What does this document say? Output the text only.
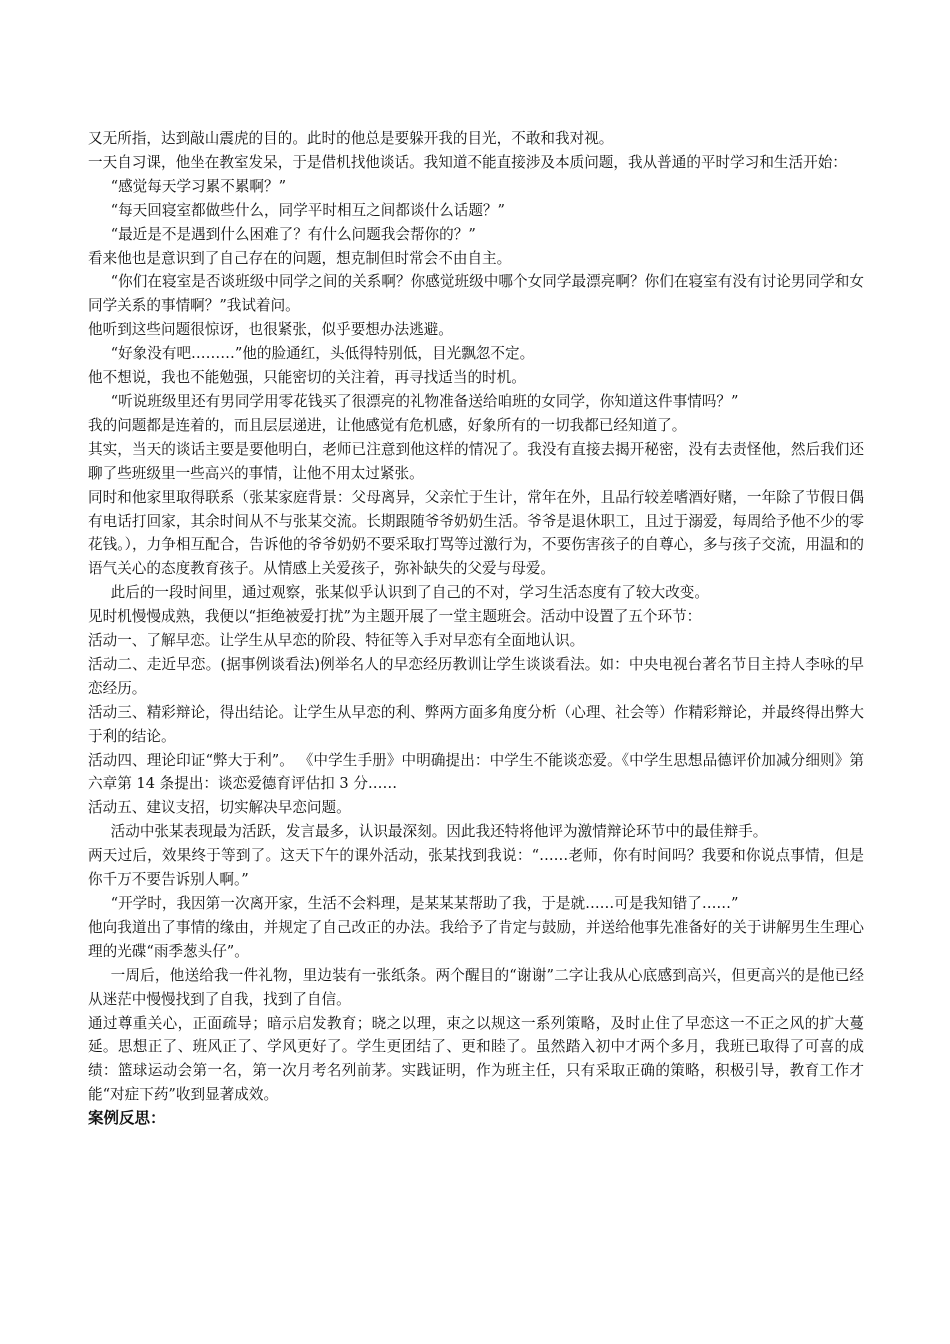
又无所指，达到敲山震虎的目的。此时的他总是要躲开我的目光，不敢和我对视。

一天自习课，他坐在教室发呆，于是借机找他谈话。我知道不能直接涉及本质问题，我从普通的平时学习和生活开始：

“感觉每天学习累不累啊？”

“每天回寝室都做些什么，同学平时相互之间都谈什么话题？”

“最近是不是遇到什么困难了？有什么问题我会帮你的？”

看来他也是意识到了自己存在的问题，想克制但时常会不由自主。

“你们在寝室是否谈班级中同学之间的关系啊？你感觉班级中哪个女同学最漂亮啊？你们在寝室有没有讨论男同学和女同学关系的事情啊？”我试着问。

他听到这些问题很惊讶，也很紧张，似乎要想办法逃避。

“好象没有吧………”他的脸通红，头低得特别低，目光飘忽不定。

他不想说，我也不能勉强，只能密切的关注着，再寻找适当的时机。

“听说班级里还有男同学用零花钱买了很漂亮的礼物准备送给咱班的女同学，你知道这件事情吗？”

我的问题都是连着的，而且层层递进，让他感觉有危机感，好象所有的一切我都已经知道了。

其实，当天的谈话主要是要他明白，老师已注意到他这样的情况了。我没有直接去揭开秘密，没有去责怪他，然后我们还聊了些班级里一些高兴的事情，让他不用太过紧张。

同时和他家里取得联系（张某家庭背景：父母离异，父亲忙于生计，常年在外，且品行较差嗜酒好赌，一年除了节假日偶有电话打回家，其余时间从不与张某交流。长期跟随爷爷奶奶生活。爷爷是退休职工，且过于溺爱，每周给予他不少的零花钱。），力争相互配合，告诉他的爷爷奶奶不要采取打骂等过激行为，不要伤害孩子的自尊心，多与孩子交流，用温和的语气关心的态度教育孩子。从情感上关爱孩子，弥补缺失的父爱与母爱。

此后的一段时间里，通过观察，张某似乎认识到了自己的不对，学习生活态度有了较大改变。

见时机慢慢成熟，我便以“拒绝被爱打扰”为主题开展了一堂主题班会。活动中设置了五个环节：

活动一、了解早恋。让学生从早恋的阶段、特征等入手对早恋有全面地认识。

活动二、走近早恋。(据事例谈看法)例举名人的早恋经历教训让学生谈谈看法。如：中央电视台著名节目主持人李咏的早恋经历。

活动三、精彩辩论，得出结论。让学生从早恋的利、弊两方面多角度分析（心理、社会等）作精彩辩论，并最终得出弊大于利的结论。

活动四、理论印证“弊大于利”。 《中学生手册》中明确提出：中学生不能谈恋爱。《中学生思想品德评价加减分细则》第六章第 14 条提出：谈恋爱德育评估扣 3 分……

活动五、建议支招，切实解决早恋问题。

活动中张某表现最为活跃，发言最多，认识最深刻。因此我还特将他评为激情辩论环节中的最佳辩手。

两天过后，效果终于等到了。这天下午的课外活动，张某找到我说：“……老师，你有时间吗？我要和你说点事情，但是你千万不要告诉别人啊。”

“开学时，我因第一次离开家，生活不会料理，是某某某帮助了我，于是就……可是我知错了……”

他向我道出了事情的缘由，并规定了自己改正的办法。我给予了肯定与鼓励，并送给他事先准备好的关于讲解男生生理心理的光碟“雨季葱头仔”。

一周后，他送给我一件礼物，里边装有一张纸条。两个醒目的“谢谢”二字让我从心底感到高兴，但更高兴的是他已经从迷茫中慢慢找到了自我，找到了自信。

通过尊重关心，正面疏导；暗示启发教育；晓之以理，束之以规这一系列策略，及时止住了早恋这一不正之风的扩大蔓延。思想正了、班风正了、学风更好了。学生更团结了、更和睦了。虽然踏入初中才两个多月，我班已取得了可喜的成绩：篮球运动会第一名，第一次月考名列前茅。实践证明，作为班主任，只有采取正确的策略，积极引导，教育工作才能“对症下药”收到显著成效。

案例反思：
